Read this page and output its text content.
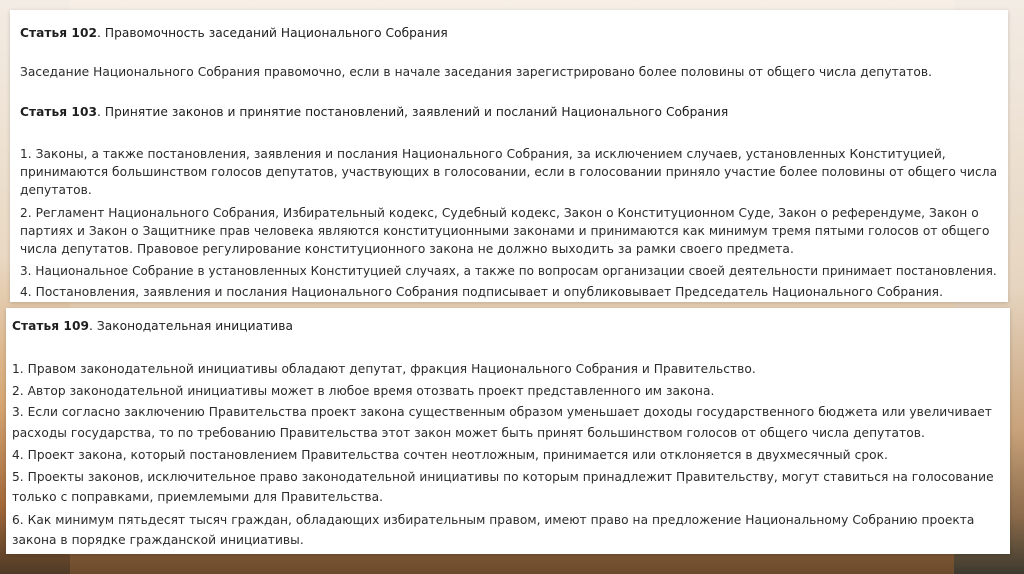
Статья 102. Правомочность заседаний Национального Собрания

Заседание Национального Собрания правомочно, если в начале заседания зарегистрировано более половины от общего числа депутатов.

Статья 103. Принятие законов и принятие постановлений, заявлений и посланий Национального Собрания

1. Законы, а также постановления, заявления и послания Национального Собрания, за исключением случаев, установленных Конституцией,

принимаются большинством голосов депутатов, участвующих в голосовании, если в голосовании приняло участие более половины от общего числа

депутатов.

2. Регламент Национального Собрания, Избирательный кодекс, Судебный кодекс, Закон о Конституционном Суде, Закон о референдуме, Закон о

партиях и Закон о Защитнике прав человека являются конституционными законами и принимаются как минимум тремя пятыми голосов от общего

числа депутатов. Правовое регулирование конституционного закона не должно выходить за рамки своего предмета.

3. Национальное Собрание в установленных Конституцией случаях, а также по вопросам организации своей деятельности принимает постановления.

4. Постановления, заявления и послания Национального Собрания подписывает и опубликовывает Председатель Национального Собрания.

Статья 109. Законодательная инициатива

1. Правом законодательной инициативы обладают депутат, фракция Национального Собрания и Правительство.

2. Автор законодательной инициативы может в любое время отозвать проект представленного им закона.

3. Если согласно заключению Правительства проект закона существенным образом уменьшает доходы государственного бюджета или увеличивает

расходы государства, то по требованию Правительства этот закон может быть принят большинством голосов от общего числа депутатов.

4. Проект закона, который постановлением Правительства сочтен неотложным, принимается или отклоняется в двухмесячный срок.

5. Проекты законов, исключительное право законодательной инициативы по которым принадлежит Правительству, могут ставиться на голосование

только с поправками, приемлемыми для Правительства.

6. Как минимум пятьдесят тысяч граждан, обладающих избирательным правом, имеют право на предложение Национальному Собранию проекта

закона в порядке гражданской инициативы.
